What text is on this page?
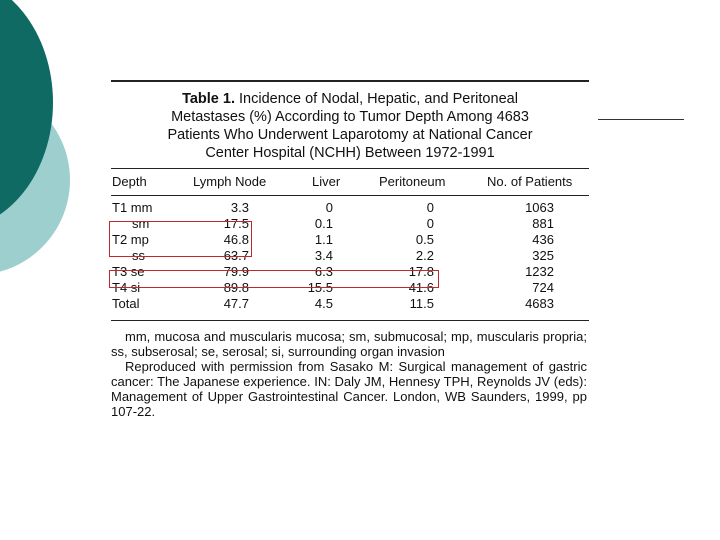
Table 1. Incidence of Nodal, Hepatic, and Peritoneal
Metastases (%) According to Tumor Depth Among 4683
Patients Who Underwent Laparotomy at National Cancer
Center Hospital (NCHH) Between 1972-1991
Depth	Lymph Node	Liver	Peritoneum	No. of Patients
T1 mm	3.3	0	0	1063
sm	17.5	0.1	0	881
T2 mp	46.8	1.1	0.5	436
ss	63.7	3.4	2.2	325
T3 se	79.9	6.3	17.8	1232
T4 si	89.8	15.5	41.6	724
Total	47.7	4.5	11.5	4683

mm, mucosa and muscularis mucosa; sm, submucosal; mp, muscularis propria; ss, subserosal; se, serosal; si, surrounding organ invasion

Reproduced with permission from Sasako M: Surgical management of gastric cancer: The Japanese experience. IN: Daly JM, Hennesy TPH, Reynolds JV (eds): Management of Upper Gastrointestinal Cancer. London, WB Saunders, 1999, pp 107-22.
